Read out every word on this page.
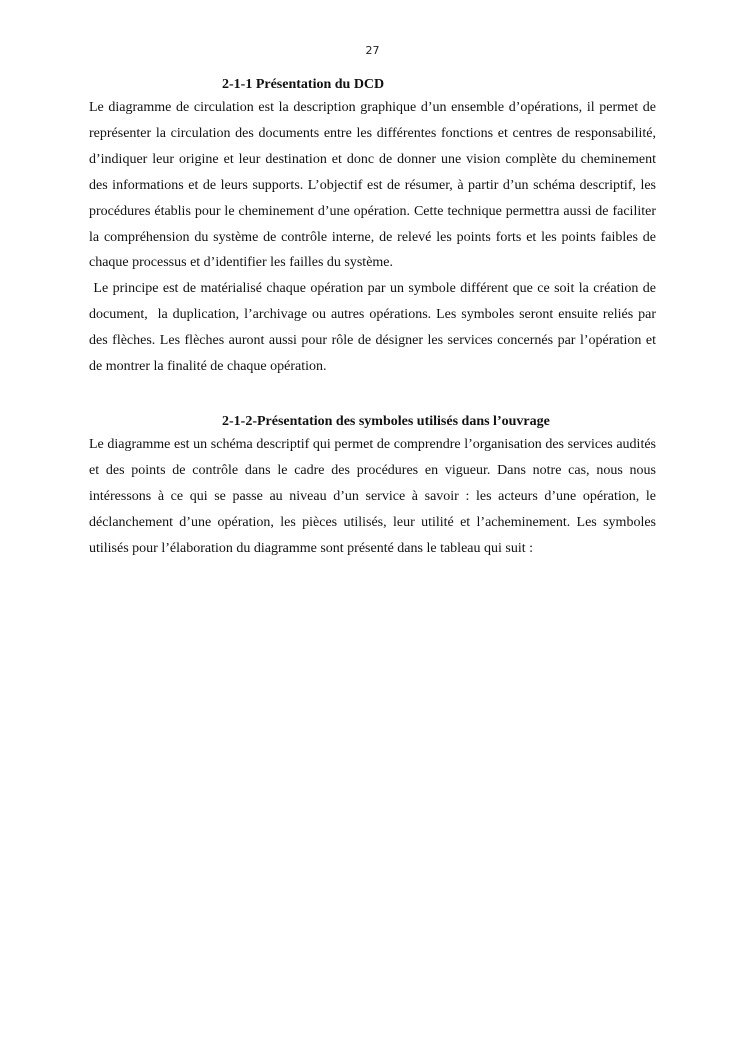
27
2-1-1 Présentation du DCD

Le diagramme de circulation est la description graphique d’un ensemble d’opérations, il permet de représenter la circulation des documents entre les différentes fonctions et centres de responsabilité, d’indiquer leur origine et leur destination et donc de donner une vision complète du cheminement des informations et de leurs supports. L’objectif est de résumer, à partir d’un schéma descriptif, les procédures établis pour le cheminement d’une opération. Cette technique permettra aussi de faciliter la compréhension du système de contrôle interne, de relevé les points forts et les points faibles de chaque processus et d’identifier les failles du système.

Le principe est de matérialisé chaque opération par un symbole différent que ce soit la création de document,  la duplication, l’archivage ou autres opérations. Les symboles seront ensuite reliés par des flèches. Les flèches auront aussi pour rôle de désigner les services concernés par l’opération et de montrer la finalité de chaque opération.

2-1-2-Présentation des symboles utilisés dans l’ouvrage

Le diagramme est un schéma descriptif qui permet de comprendre l’organisation des services audités et des points de contrôle dans le cadre des procédures en vigueur. Dans notre cas, nous nous intéressons à ce qui se passe au niveau d’un service à savoir : les acteurs d’une opération, le déclanchement d’une opération, les pièces utilisés, leur utilité et l’acheminement. Les symboles utilisés pour l’élaboration du diagramme sont présenté dans le tableau qui suit :
